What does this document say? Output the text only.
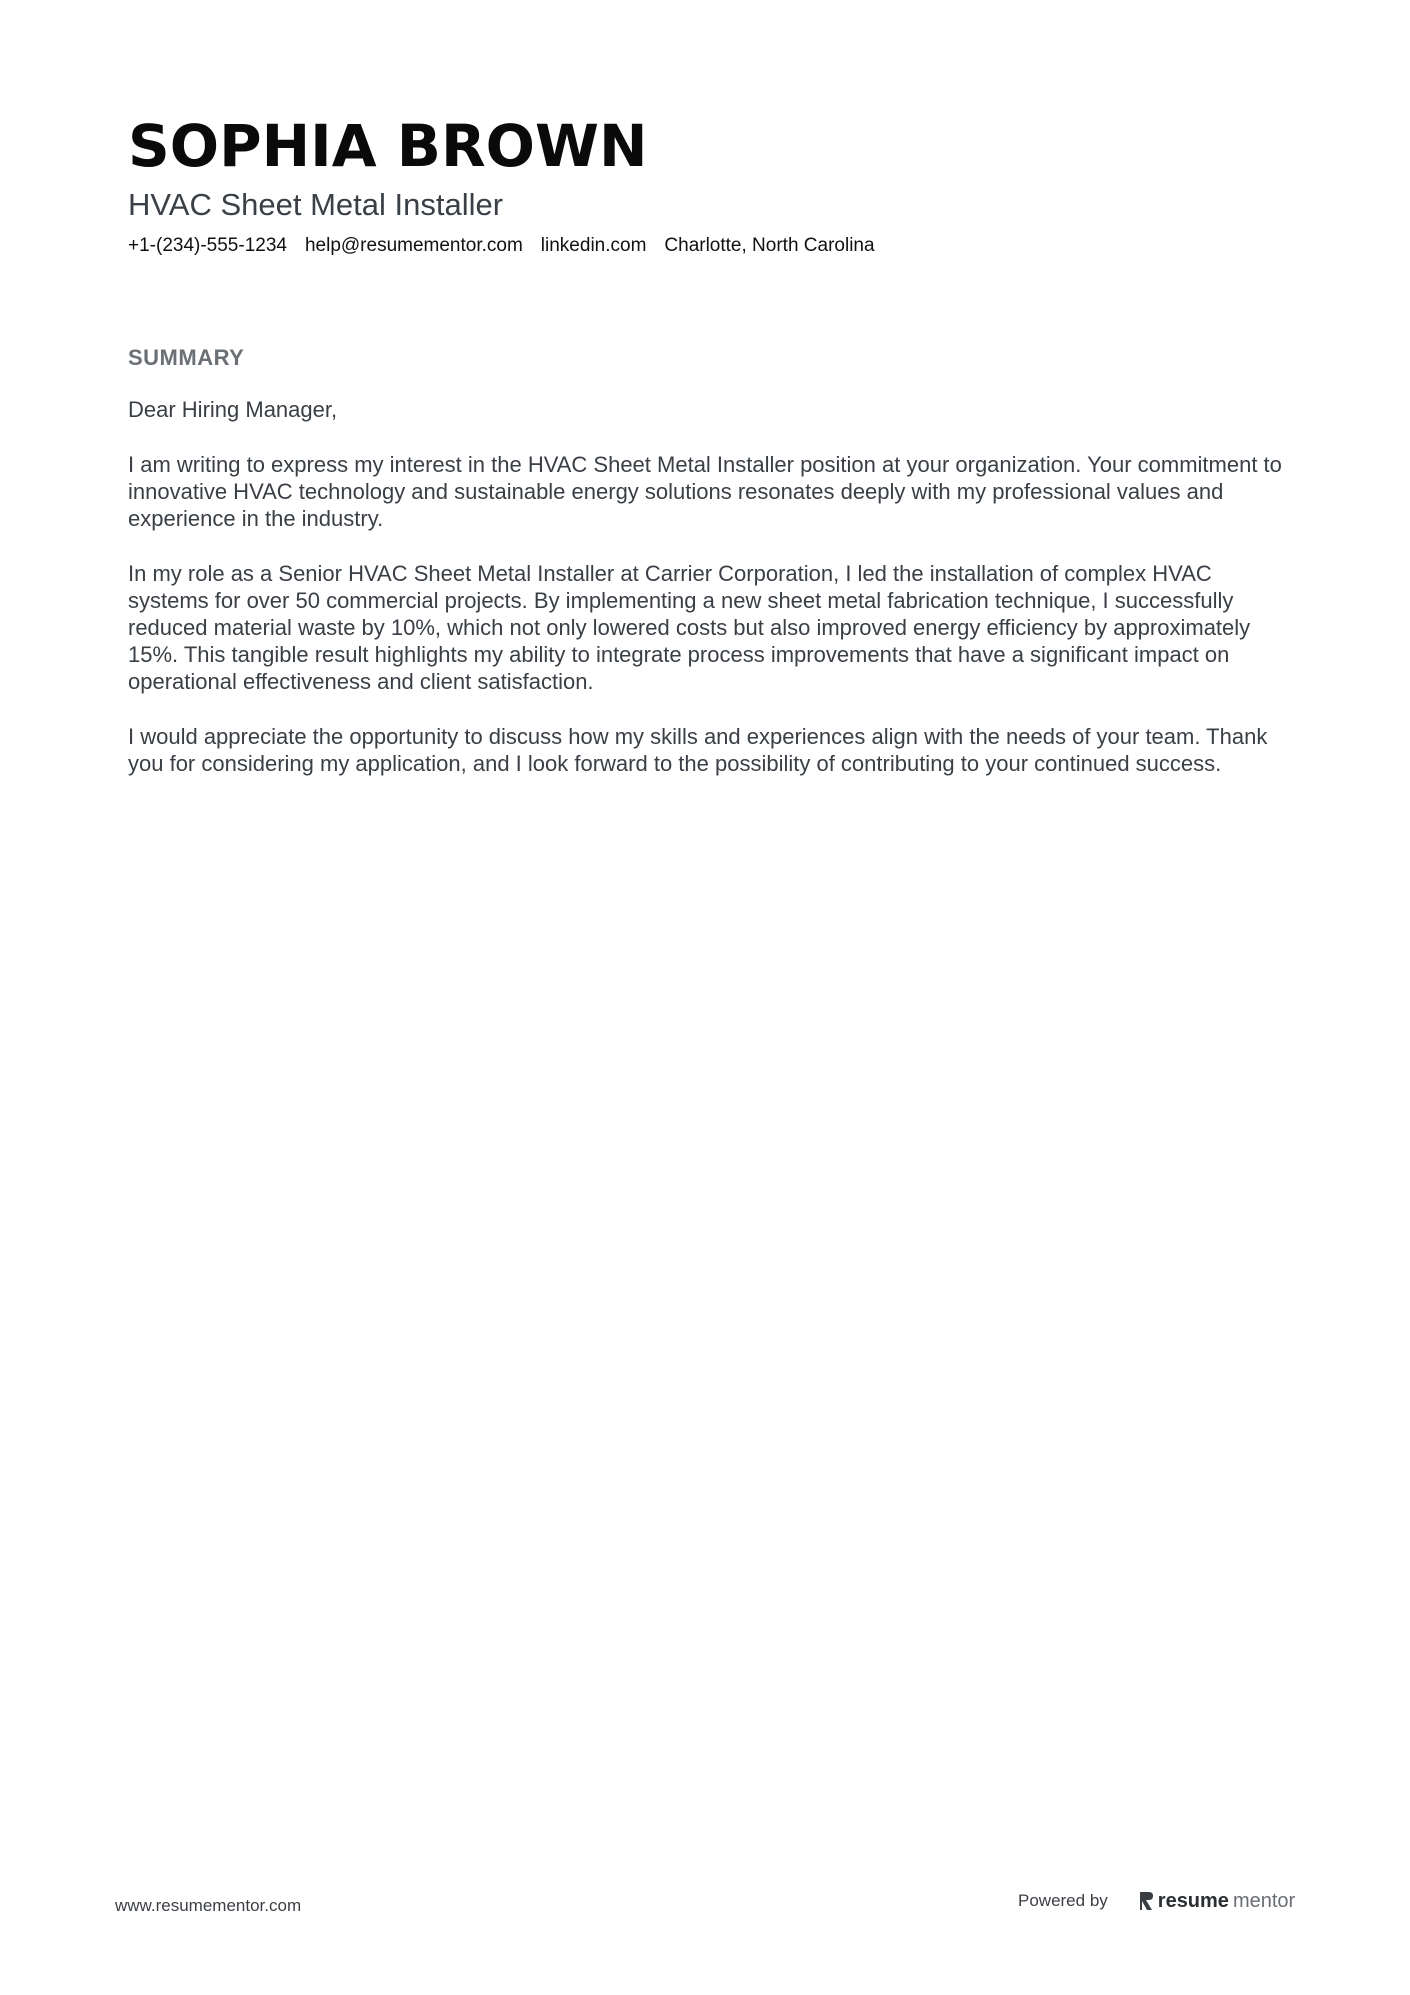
SOPHIA BROWN
HVAC Sheet Metal Installer
+1-(234)-555-1234 help@resumementor.com linkedin.com Charlotte, North Carolina
SUMMARY

Dear Hiring Manager,

I am writing to express my interest in the HVAC Sheet Metal Installer position at your organization. Your commitment to innovative HVAC technology and sustainable energy solutions resonates deeply with my professional values and experience in the industry.

In my role as a Senior HVAC Sheet Metal Installer at Carrier Corporation, I led the installation of complex HVAC systems for over 50 commercial projects. By implementing a new sheet metal fabrication technique, I successfully reduced material waste by 10%, which not only lowered costs but also improved energy efficiency by approximately 15%. This tangible result highlights my ability to integrate process improvements that have a significant impact on operational effectiveness and client satisfaction.

I would appreciate the opportunity to discuss how my skills and experiences align with the needs of your team. Thank you for considering my application, and I look forward to the possibility of contributing to your continued success.

www.resumementor.com	Powered by	resume mentor
